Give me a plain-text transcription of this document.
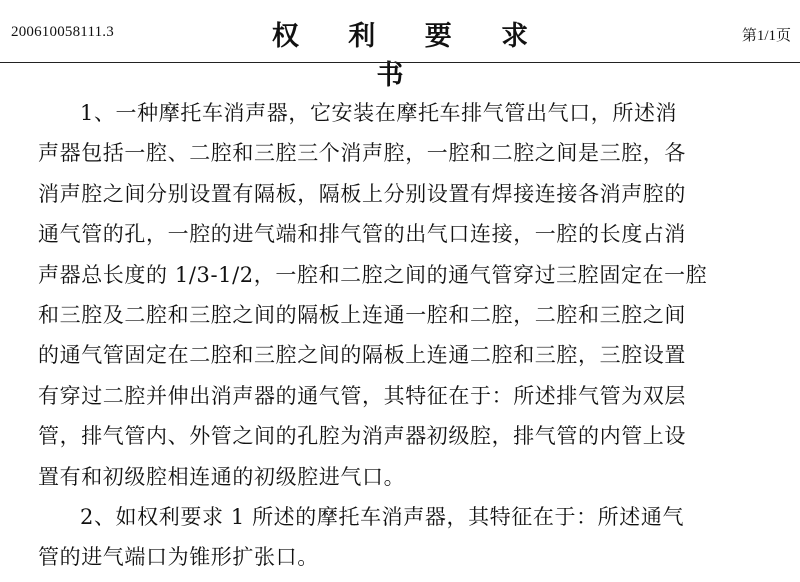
200610058111.3	权 利 要 求 书
第1/1页
1、一种摩托车消声器，它安装在摩托车排气管出气口，所述消
声器包括一腔、二腔和三腔三个消声腔，一腔和二腔之间是三腔，各
消声腔之间分别设置有隔板，隔板上分别设置有焊接连接各消声腔的
通气管的孔，一腔的进气端和排气管的出气口连接，一腔的长度占消
声器总长度的 1/3-1/2，一腔和二腔之间的通气管穿过三腔固定在一腔
和三腔及二腔和三腔之间的隔板上连通一腔和二腔，二腔和三腔之间
的通气管固定在二腔和三腔之间的隔板上连通二腔和三腔，三腔设置
有穿过二腔并伸出消声器的通气管，其特征在于：所述排气管为双层
管，排气管内、外管之间的孔腔为消声器初级腔，排气管的内管上设
置有和初级腔相连通的初级腔进气口。
2、如权利要求 1 所述的摩托车消声器，其特征在于：所述通气
管的进气端口为锥形扩张口。
